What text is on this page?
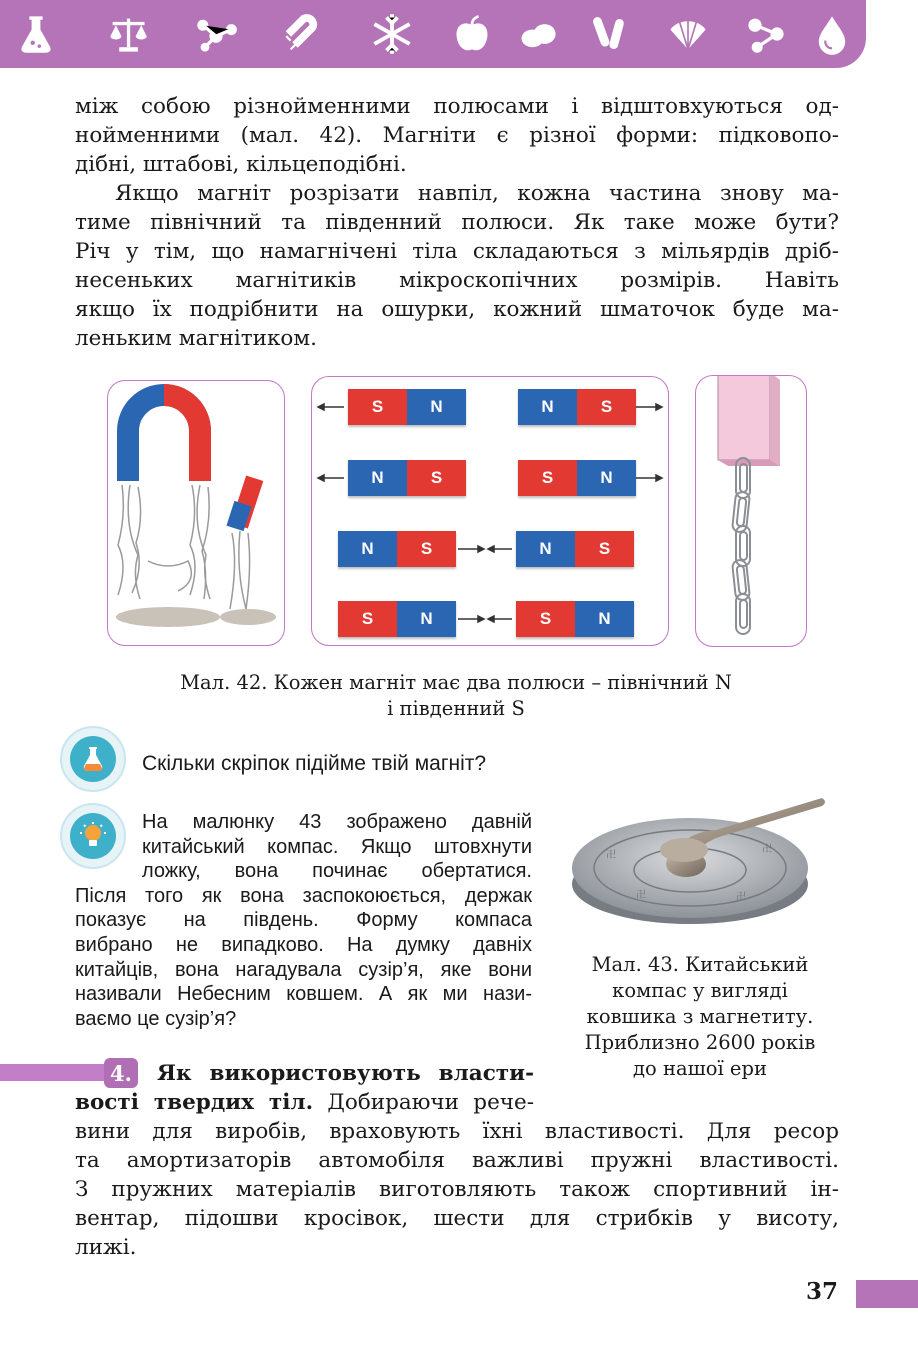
між собою різнойменними полюсами і відштовхуються од-
нойменними (мал. 42). Магніти є різної форми: підковопо-
дібні, штабові, кільцеподібні.
Якщо магніт розрізати навпіл, кожна частина знову ма-
тиме північний та південний полюси. Як таке може бути?
Річ у тім, що намагнічені тіла складаються з мільярдів дріб-
несеньких магнітиків мікроскопічних розмірів. Навіть
якщо їх подрібнити на ошурки, кожний шматочок буде ма-
леньким магнітиком.
S	N	N	S
N	S	S	N
N	S	N	S
S	N	S	N
Мал. 42. Кожен магніт має два полюси – північний N
і південний S
Скільки скріпок підійме твій магніт?
На малюнку 43 зображено давній
китайський компас. Якщо штовхнути
ложку, вона починає обертатися.
Після того як вона заспокоюється, держак
показує на південь. Форму компаса
вибрано не випадково. На думку давніх
китайців, вона нагадувала сузір’я, яке вони
називали Небесним ковшем. А як ми нази-
ваємо це сузір’я?
卍
卍
卍	卍
Мал. 43. Китайський
компас у вигляді
ковшика з магнетиту.
Приблизно 2600 років
до нашої ери
4. Як використовують власти-
вості твердих тіл. Добираючи рече-
вини для виробів, враховують їхні властивості. Для ресор
та амортизаторів автомобіля важливі пружні властивості.
З пружних матеріалів виготовляють також спортивний ін-
вентар, підошви кросівок, шести для стрибків у висоту,
лижі.
37
